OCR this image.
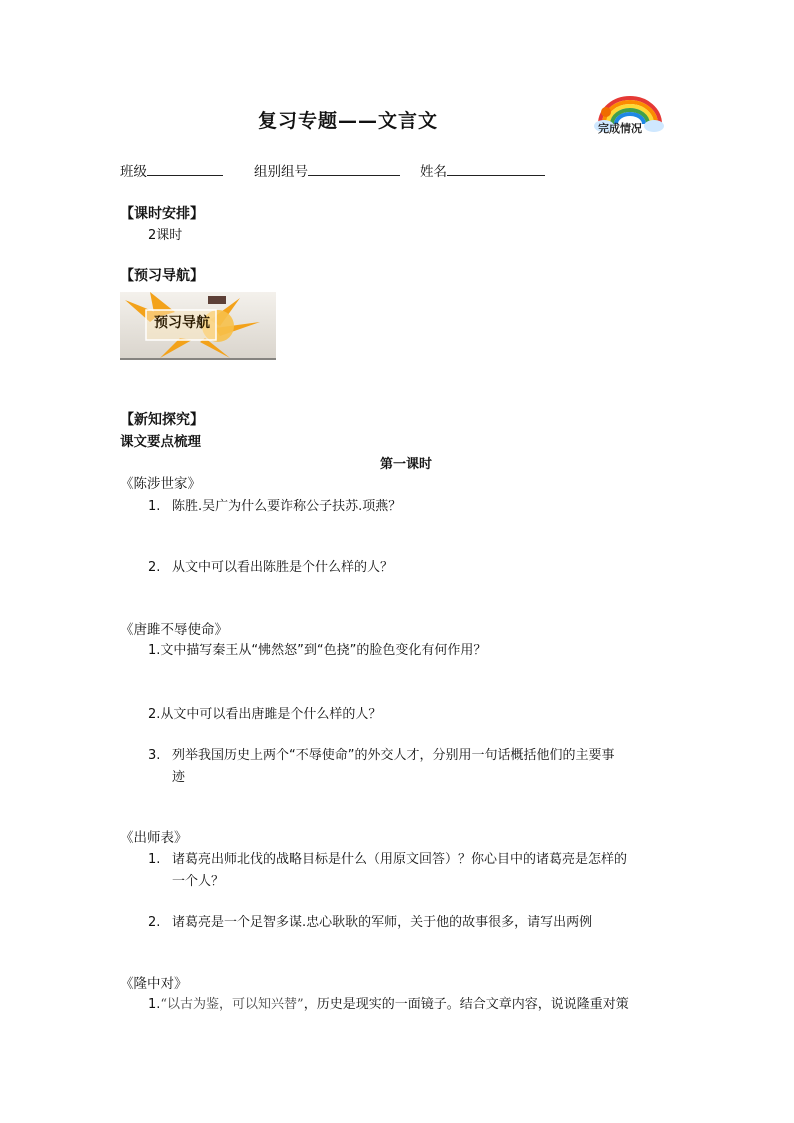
复习专题——文言文	完成情况
班级	组别组号	姓名
【课时安排】
2课时
【预习导航】
预习导航
【新知探究】
课文要点梳理
第一课时
《陈涉世家》
1. 陈胜.吴广为什么要诈称公子扶苏.项燕？
2. 从文中可以看出陈胜是个什么样的人？
《唐雎不辱使命》
1.文中描写秦王从“怫然怒”到“色挠”的脸色变化有何作用？
2.从文中可以看出唐雎是个什么样的人？
3. 列举我国历史上两个“不辱使命”的外交人才，分别用一句话概括他们的主要事
迹
《出师表》
1. 诸葛亮出师北伐的战略目标是什么（用原文回答）？你心目中的诸葛亮是怎样的
一个人？
2. 诸葛亮是一个足智多谋.忠心耿耿的军师，关于他的故事很多，请写出两例
《隆中对》
1.“以古为鉴，可以知兴替”，历史是现实的一面镜子。结合文章内容，说说隆重对策
